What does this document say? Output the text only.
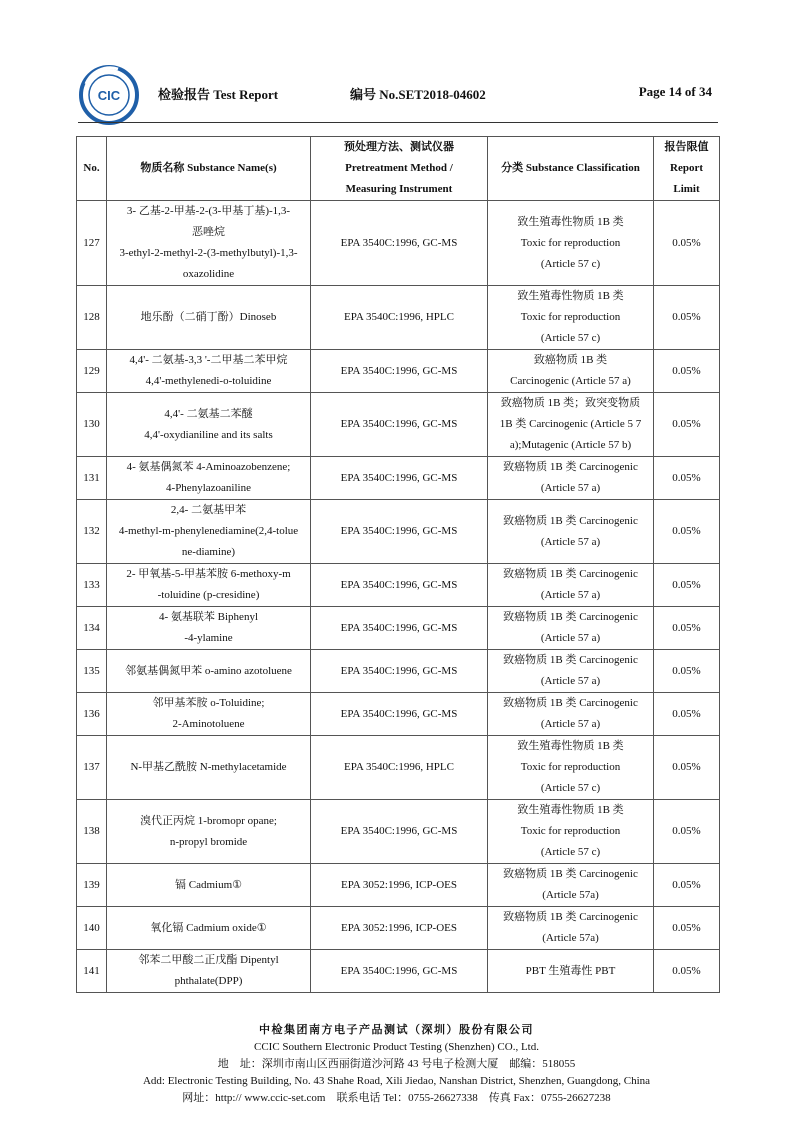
CIC	检验报告 Test Report	编号 No.SET2018-04602	Page 14 of 34
No.	物质名称 Substance Name(s)	预处理方法、测试仪器
Pretreatment Method /
Measuring Instrument	分类 Substance Classification	报告限值
Report
Limit

127	3- 乙基-2-甲基-2-(3-甲基丁基)-1,3-
恶唑烷
3-ethyl-2-methyl-2-(3-methylbutyl)-1,3-
oxazolidine	EPA 3540C:1996, GC-MS	致生殖毒性物质 1B 类
Toxic for reproduction
(Article 57 c)	0.05%
128	地乐酚（二硝丁酚）Dinoseb	EPA 3540C:1996, HPLC	致生殖毒性物质 1B 类
Toxic for reproduction
(Article 57 c)	0.05%
129	4,4'- 二氨基-3,3 '-二甲基二苯甲烷
4,4'-methylenedi-o-toluidine	EPA 3540C:1996, GC-MS	致癌物质 1B 类
Carcinogenic (Article 57 a)	0.05%
130	4,4'- 二氨基二苯醚
4,4'-oxydianiline and its salts	EPA 3540C:1996, GC-MS	致癌物质 1B 类；致突变物质
1B 类 Carcinogenic (Article 5 7
a);Mutagenic (Article 57 b)	0.05%
131	4- 氨基偶氮苯 4-Aminoazobenzene;
4-Phenylazoaniline	EPA 3540C:1996, GC-MS	致癌物质 1B 类 Carcinogenic
(Article 57 a)	0.05%
132	2,4- 二氨基甲苯
4-methyl-m-phenylenediamine(2,4-tolue
ne-diamine)	EPA 3540C:1996, GC-MS	致癌物质 1B 类 Carcinogenic
(Article 57 a)	0.05%
133	2- 甲氧基-5-甲基苯胺 6-methoxy-m
-toluidine (p-cresidine)	EPA 3540C:1996, GC-MS	致癌物质 1B 类 Carcinogenic
(Article 57 a)	0.05%
134	4- 氨基联苯 Biphenyl
-4-ylamine	EPA 3540C:1996, GC-MS	致癌物质 1B 类 Carcinogenic
(Article 57 a)	0.05%
135	邻氨基偶氮甲苯 o-amino azotoluene	EPA 3540C:1996, GC-MS	致癌物质 1B 类 Carcinogenic
(Article 57 a)	0.05%
136	邻甲基苯胺 o-Toluidine;
2-Aminotoluene	EPA 3540C:1996, GC-MS	致癌物质 1B 类 Carcinogenic
(Article 57 a)	0.05%
137	N-甲基乙酰胺 N-methylacetamide	EPA 3540C:1996, HPLC	致生殖毒性物质 1B 类
Toxic for reproduction
(Article 57 c)	0.05%
138	溴代正丙烷 1-bromopr opane;
n-propyl bromide	EPA 3540C:1996, GC-MS	致生殖毒性物质 1B 类
Toxic for reproduction
(Article 57 c)	0.05%
139	镉 Cadmium①	EPA 3052:1996, ICP-OES	致癌物质 1B 类 Carcinogenic
(Article 57a)	0.05%
140	氧化镉 Cadmium oxide①	EPA 3052:1996, ICP-OES	致癌物质 1B 类 Carcinogenic
(Article 57a)	0.05%
141	邻苯二甲酸二正戊酯 Dipentyl
phthalate(DPP)	EPA 3540C:1996, GC-MS	PBT 生殖毒性 PBT	0.05%
中检集团南方电子产品测试（深圳）股份有限公司
CCIC Southern Electronic Product Testing (Shenzhen) CO., Ltd.
地　址：深圳市南山区西丽街道沙河路 43 号电子检测大厦　邮编：518055
Add: Electronic Testing Building, No. 43 Shahe Road, Xili Jiedao, Nanshan District, Shenzhen, Guangdong, China
网址：http:// www.ccic-set.com　联系电话 Tel：0755-26627338　传真 Fax：0755-26627238
